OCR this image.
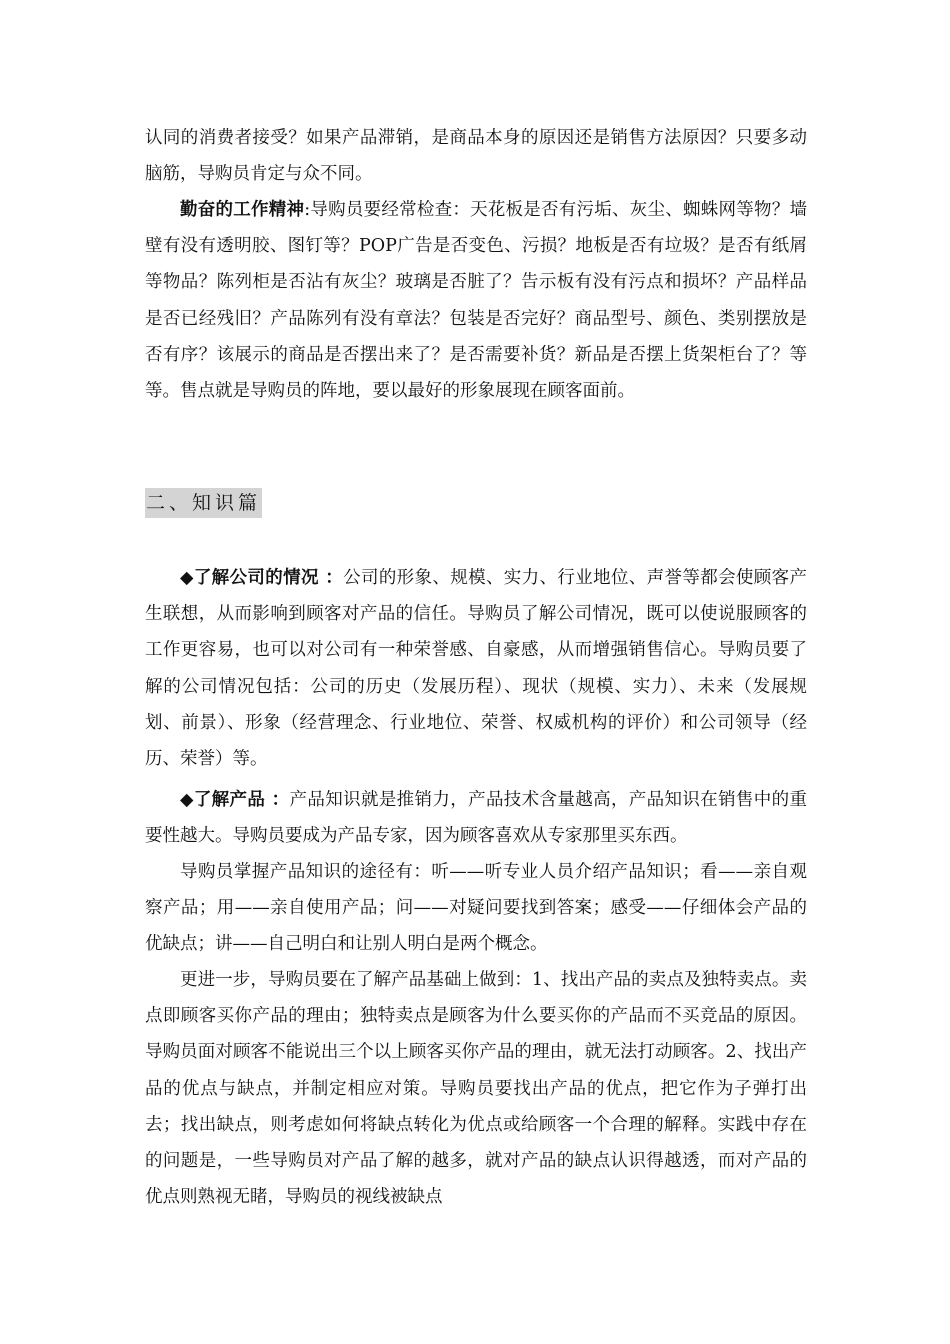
认同的消费者接受？如果产品滞销，是商品本身的原因还是销售方法原因？只要多动脑筋，导购员肯定与众不同。
勤奋的工作精神:导购员要经常检查：天花板是否有污垢、灰尘、蜘蛛网等物？墙壁有没有透明胶、图钉等？POP广告是否变色、污损？地板是否有垃圾？是否有纸屑等物品？陈列柜是否沾有灰尘？玻璃是否脏了？告示板有没有污点和损坏？产品样品是否已经残旧？产品陈列有没有章法？包装是否完好？商品型号、颜色、类别摆放是否有序？该展示的商品是否摆出来了？是否需要补货？新品是否摆上货架柜台了？等等。售点就是导购员的阵地，要以最好的形象展现在顾客面前。
二、知识篇
◆了解公司的情况 ：公司的形象、规模、实力、行业地位、声誉等都会使顾客产生联想，从而影响到顾客对产品的信任。导购员了解公司情况，既可以使说服顾客的工作更容易，也可以对公司有一种荣誉感、自豪感，从而增强销售信心。导购员要了解的公司情况包括：公司的历史（发展历程）、现状（规模、实力）、未来（发展规划、前景）、形象（经营理念、行业地位、荣誉、权威机构的评价）和公司领导（经历、荣誉）等。
◆了解产品 ：产品知识就是推销力，产品技术含量越高，产品知识在销售中的重要性越大。导购员要成为产品专家，因为顾客喜欢从专家那里买东西。
导购员掌握产品知识的途径有：听——听专业人员介绍产品知识；看——亲自观察产品；用——亲自使用产品；问——对疑问要找到答案；感受——仔细体会产品的优缺点；讲——自己明白和让别人明白是两个概念。
更进一步，导购员要在了解产品基础上做到：1、找出产品的卖点及独特卖点。卖点即顾客买你产品的理由；独特卖点是顾客为什么要买你的产品而不买竞品的原因。导购员面对顾客不能说出三个以上顾客买你产品的理由，就无法打动顾客。2、找出产品的优点与缺点，并制定相应对策。导购员要找出产品的优点，把它作为子弹打出去；找出缺点，则考虑如何将缺点转化为优点或给顾客一个合理的解释。实践中存在的问题是，一些导购员对产品了解的越多，就对产品的缺点认识得越透，而对产品的优点则熟视无睹，导购员的视线被缺点
